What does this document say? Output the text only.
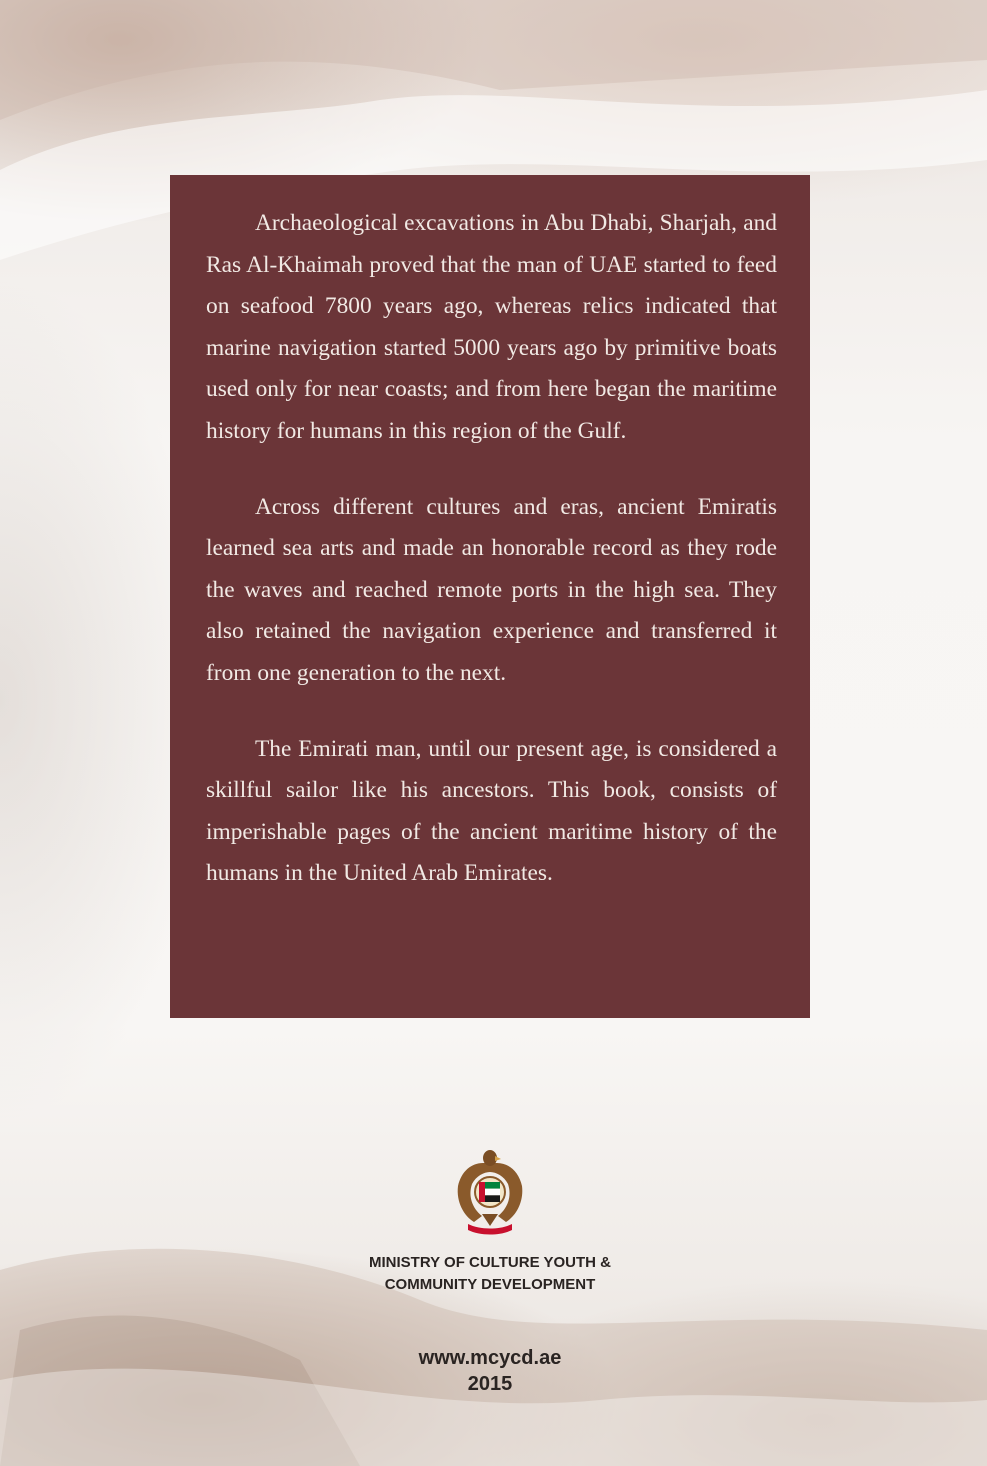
Archaeological excavations in Abu Dhabi, Sharjah, and Ras Al-Khaimah proved that the man of UAE started to feed on seafood 7800 years ago, whereas relics indicated that marine navigation started 5000 years ago by primitive boats used only for near coasts; and from here began the maritime history for humans in this region of the Gulf.

Across different cultures and eras, ancient Emiratis learned sea arts and made an honorable record as they rode the waves and reached remote ports in the high sea. They also retained the navigation experience and transferred it from one generation to the next.

The Emirati man, until our present age, is considered a skillful sailor like his ancestors. This book, consists of imperishable pages of the ancient maritime history of the humans in the United Arab Emirates.

MINISTRY OF CULTURE YOUTH &
COMMUNITY DEVELOPMENT
www.mcycd.ae
2015
